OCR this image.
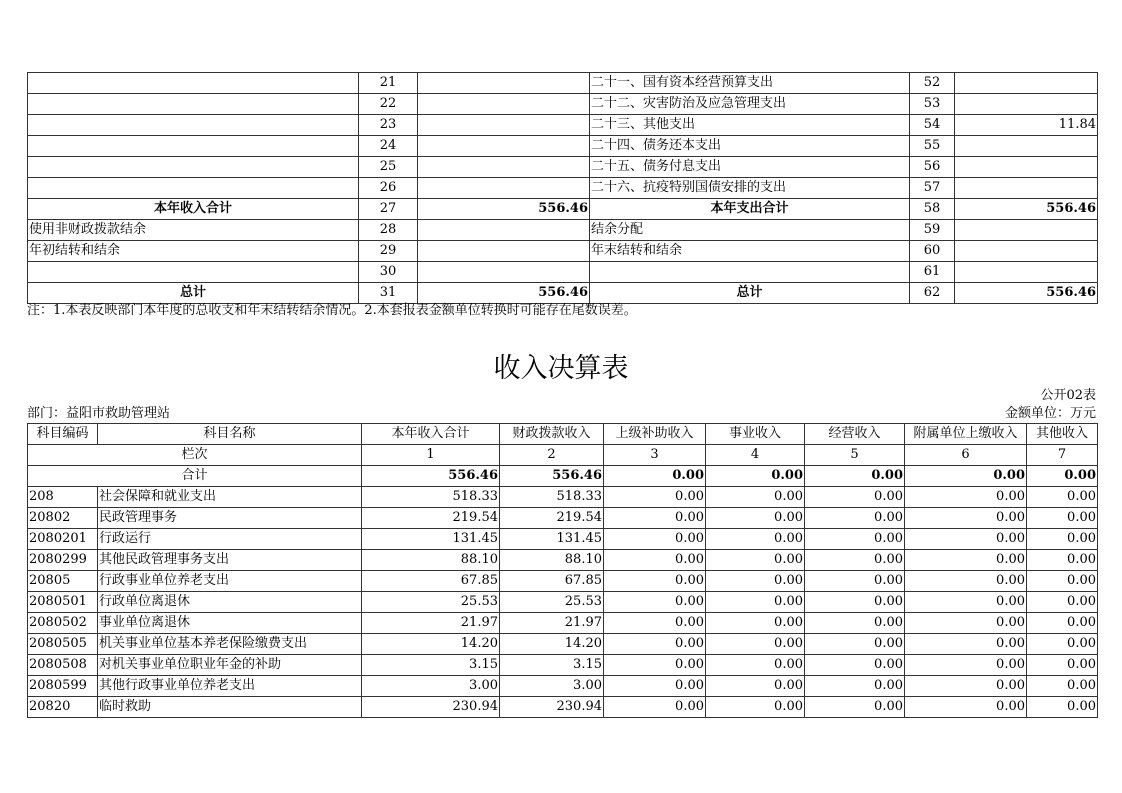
	21		二十一、国有资本经营预算支出	52	
	22		二十二、灾害防治及应急管理支出	53	
	23		二十三、其他支出	54	11.84
	24		二十四、债务还本支出	55	
	25		二十五、债务付息支出	56	
	26		二十六、抗疫特别国债安排的支出	57	
本年收入合计	27	556.46	本年支出合计	58	556.46
使用非财政拨款结余	28		结余分配	59	
年初结转和结余	29		年末结转和结余	60	
	30			61	
总计	31	556.46	总计	62	556.46
注：1.本表反映部门本年度的总收支和年末结转结余情况。2.本套报表金额单位转换时可能存在尾数误差。
收入决算表
公开02表
部门：益阳市救助管理站	金额单位：万元
科目编码	科目名称	本年收入合计	财政拨款收入	上级补助收入	事业收入	经营收入	附属单位上缴收入	其他收入
栏次		1	2	3	4	5	6	7
合计		556.46	556.46	0.00	0.00	0.00	0.00	0.00
208	社会保障和就业支出	518.33	518.33	0.00	0.00	0.00	0.00	0.00
20802	民政管理事务	219.54	219.54	0.00	0.00	0.00	0.00	0.00
2080201	行政运行	131.45	131.45	0.00	0.00	0.00	0.00	0.00
2080299	其他民政管理事务支出	88.10	88.10	0.00	0.00	0.00	0.00	0.00
20805	行政事业单位养老支出	67.85	67.85	0.00	0.00	0.00	0.00	0.00
2080501	行政单位离退休	25.53	25.53	0.00	0.00	0.00	0.00	0.00
2080502	事业单位离退休	21.97	21.97	0.00	0.00	0.00	0.00	0.00
2080505	机关事业单位基本养老保险缴费支出	14.20	14.20	0.00	0.00	0.00	0.00	0.00
2080508	对机关事业单位职业年金的补助	3.15	3.15	0.00	0.00	0.00	0.00	0.00
2080599	其他行政事业单位养老支出	3.00	3.00	0.00	0.00	0.00	0.00	0.00
20820	临时救助	230.94	230.94	0.00	0.00	0.00	0.00	0.00
